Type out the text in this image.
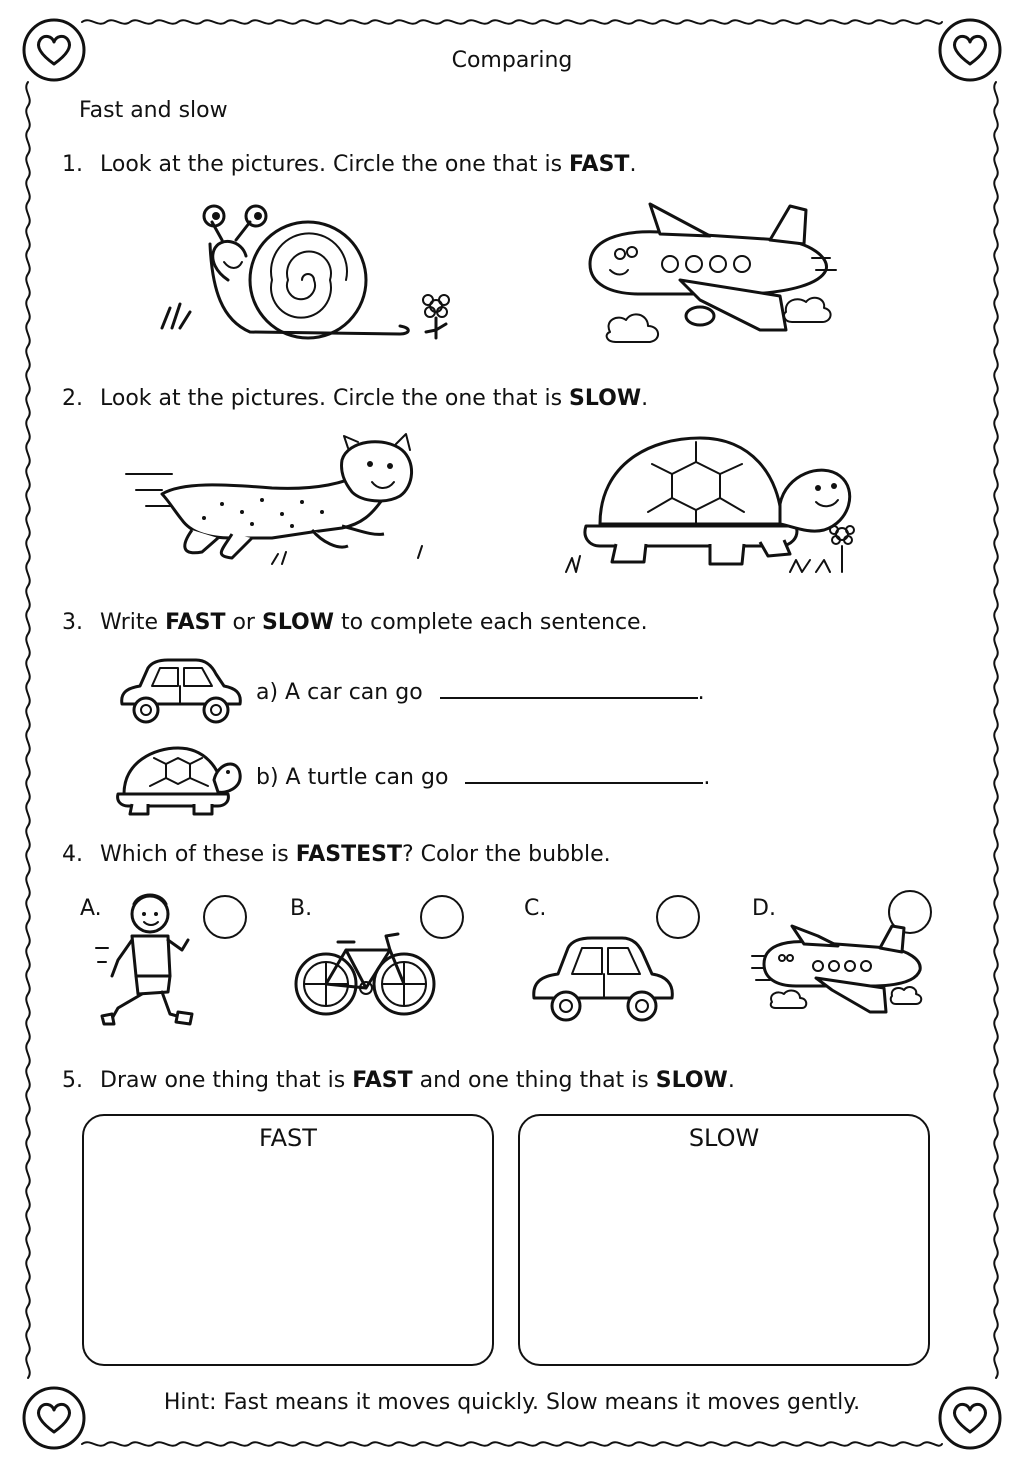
Comparing
Fast and slow
1. Look at the pictures. Circle the one that is FAST.
2. Look at the pictures. Circle the one that is SLOW.
3. Write FAST or SLOW to complete each sentence.
a) A car can go	.
b) A turtle can go	.
4. Which of these is FASTEST? Color the bubble.
A.	B.	C.	D.
5. Draw one thing that is FAST and one thing that is SLOW.
FAST	SLOW
Hint: Fast means it moves quickly. Slow means it moves gently.
